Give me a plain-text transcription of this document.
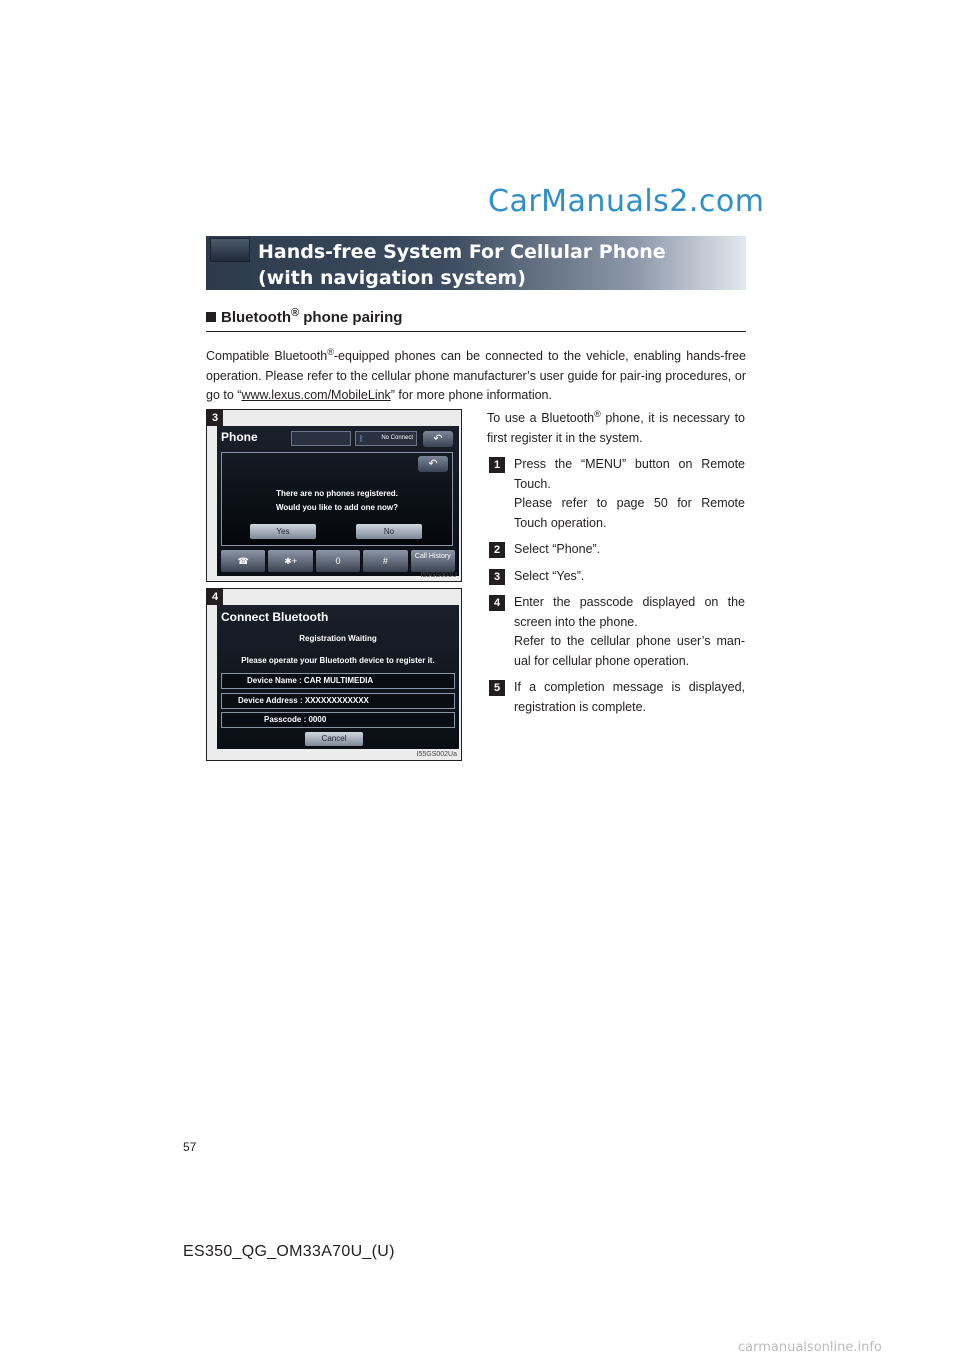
CarManuals2.com
Hands-free System For Cellular Phone
(with navigation system)
Bluetooth® phone pairing

Compatible Bluetooth®-equipped phones can be connected to the vehicle, enabling hands-free operation. Please refer to the cellular phone manufacturer’s user guide for pair-ing procedures, or go to “www.lexus.com/MobileLink” for more phone information.

Phone	ᛒ	No Connect	↶
↶
There are no phones registered.
Would you like to add one now?
Yes	No
☎	✱+	0	#	Call History
3
I55GS001U
Connect Bluetooth
Registration Waiting
Please operate your Bluetooth device to register it.
Device Name : CAR MULTIMEDIA
Device Address : XXXXXXXXXXXX
Passcode : 0000
Cancel
4
I55GS002Ua

To use a Bluetooth® phone, it is necessary to first register it in the system.

1	Press the “MENU” button on Remote Touch.
Please refer to page 50 for Remote Touch operation.
2	Select “Phone”.
3	Select “Yes”.
4	Enter the passcode displayed on the screen into the phone.
Refer to the cellular phone user’s man-ual for cellular phone operation.
5	If a completion message is displayed, registration is complete.
57
ES350_QG_OM33A70U_(U)
carmanualsonline.info
